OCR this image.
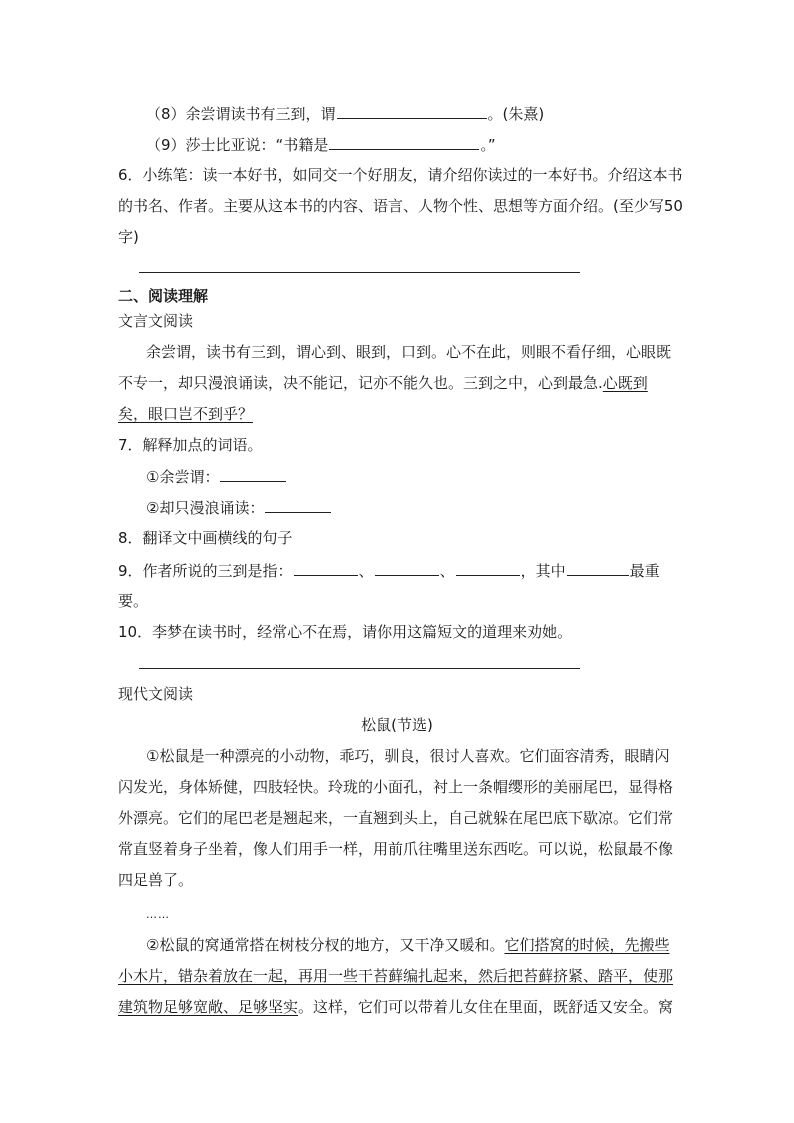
（8）余尝谓读书有三到，谓	。(朱熹)
（9）莎士比亚说：“书籍是	。”
6．小练笔：读一本好书，如同交一个好朋友，请介绍你读过的一本好书。介绍这本书
的书名、作者。主要从这本书的内容、语言、人物个性、思想等方面介绍。(至少写50
字)
二、阅读理解
文言文阅读
余尝谓，读书有三到，谓心到、眼到，口到。心不在此，则眼不看仔细，心眼既
不专一，却只漫浪诵读，决不能记，记亦不能久也。三到之中，心到最急.心既到
矣，眼口岂不到乎？
7．解释加点的词语。
①余尝谓：
②却只漫浪诵读：
8．翻译文中画横线的句子
9．作者所说的三到是指：	、	、	，其中	最重
要。
10．李梦在读书时，经常心不在焉，请你用这篇短文的道理来劝她。
现代文阅读
松鼠(节选)
①松鼠是一种漂亮的小动物，乖巧，驯良，很讨人喜欢。它们面容清秀，眼睛闪
闪发光，身体矫健，四肢轻快。玲珑的小面孔，衬上一条帽缨形的美丽尾巴，显得格
外漂亮。它们的尾巴老是翘起来，一直翘到头上，自己就躲在尾巴底下歇凉。它们常
常直竖着身子坐着，像人们用手一样，用前爪往嘴里送东西吃。可以说，松鼠最不像
四足兽了。
……
②松鼠的窝通常搭在树枝分杈的地方，又干净又暖和。它们搭窝的时候，先搬些
小木片，错杂着放在一起，再用一些干苔藓编扎起来，然后把苔藓挤紧、踏平，使那
建筑物足够宽敞、足够坚实。这样，它们可以带着儿女住在里面，既舒适又安全。窝
